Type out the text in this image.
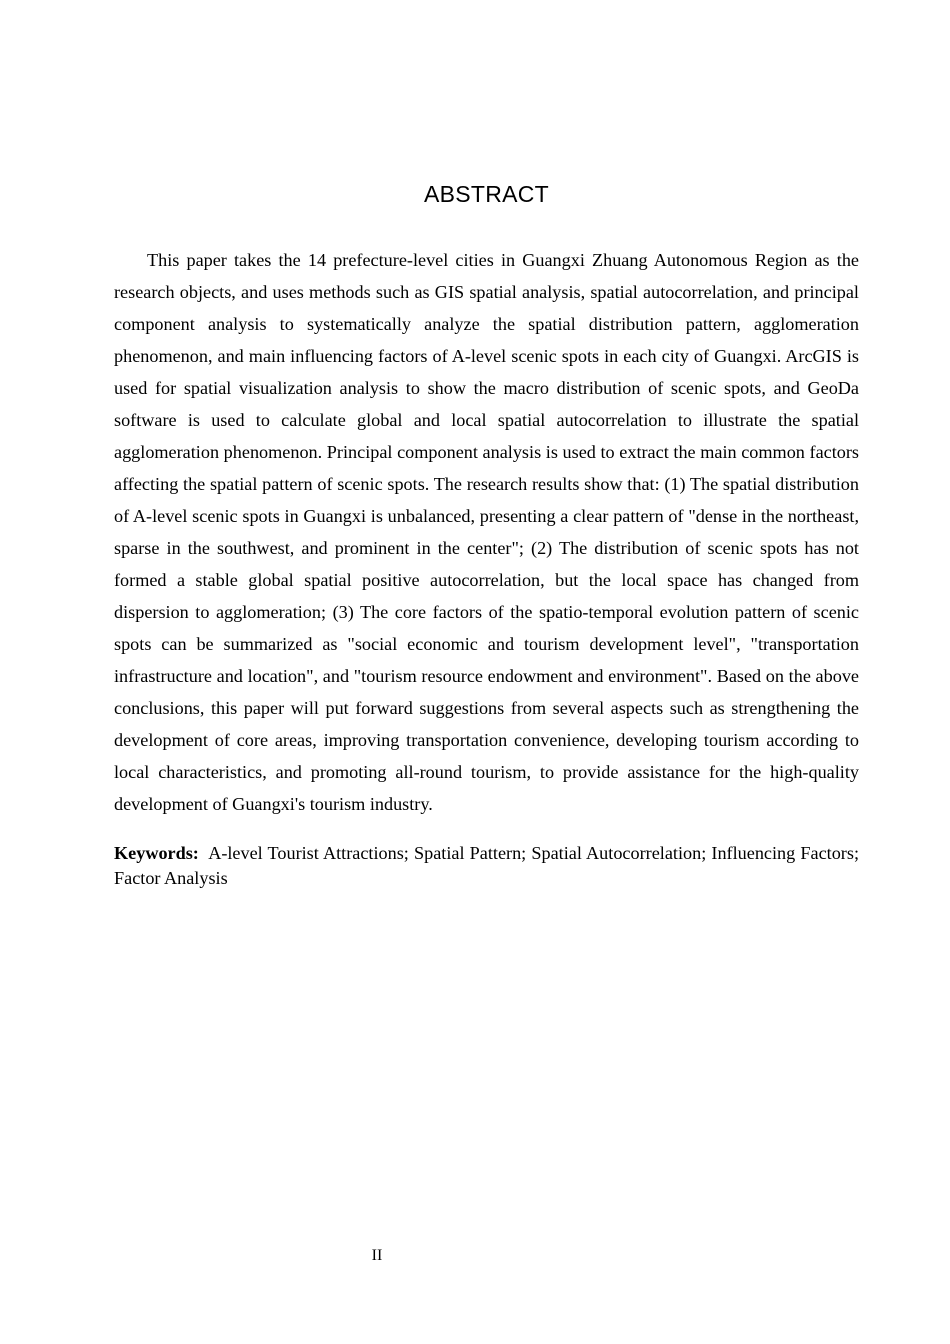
ABSTRACT

This paper takes the 14 prefecture-level cities in Guangxi Zhuang Autonomous Region as the research objects, and uses methods such as GIS spatial analysis, spatial autocorrelation, and principal component analysis to systematically analyze the spatial distribution pattern, agglomeration phenomenon, and main influencing factors of A-level scenic spots in each city of Guangxi. ArcGIS is used for spatial visualization analysis to show the macro distribution of scenic spots, and GeoDa software is used to calculate global and local spatial autocorrelation to illustrate the spatial agglomeration phenomenon. Principal component analysis is used to extract the main common factors affecting the spatial pattern of scenic spots. The research results show that: (1) The spatial distribution of A-level scenic spots in Guangxi is unbalanced, presenting a clear pattern of "dense in the northeast, sparse in the southwest, and prominent in the center"; (2) The distribution of scenic spots has not formed a stable global spatial positive autocorrelation, but the local space has changed from dispersion to agglomeration; (3) The core factors of the spatio-temporal evolution pattern of scenic spots can be summarized as "social economic and tourism development level", "transportation infrastructure and location", and "tourism resource endowment and environment". Based on the above conclusions, this paper will put forward suggestions from several aspects such as strengthening the development of core areas, improving transportation convenience, developing tourism according to local characteristics, and promoting all-round tourism, to provide assistance for the high-quality development of Guangxi's tourism industry.

Keywords: A-level Tourist Attractions; Spatial Pattern; Spatial Autocorrelation; Influencing Factors; Factor Analysis

II
